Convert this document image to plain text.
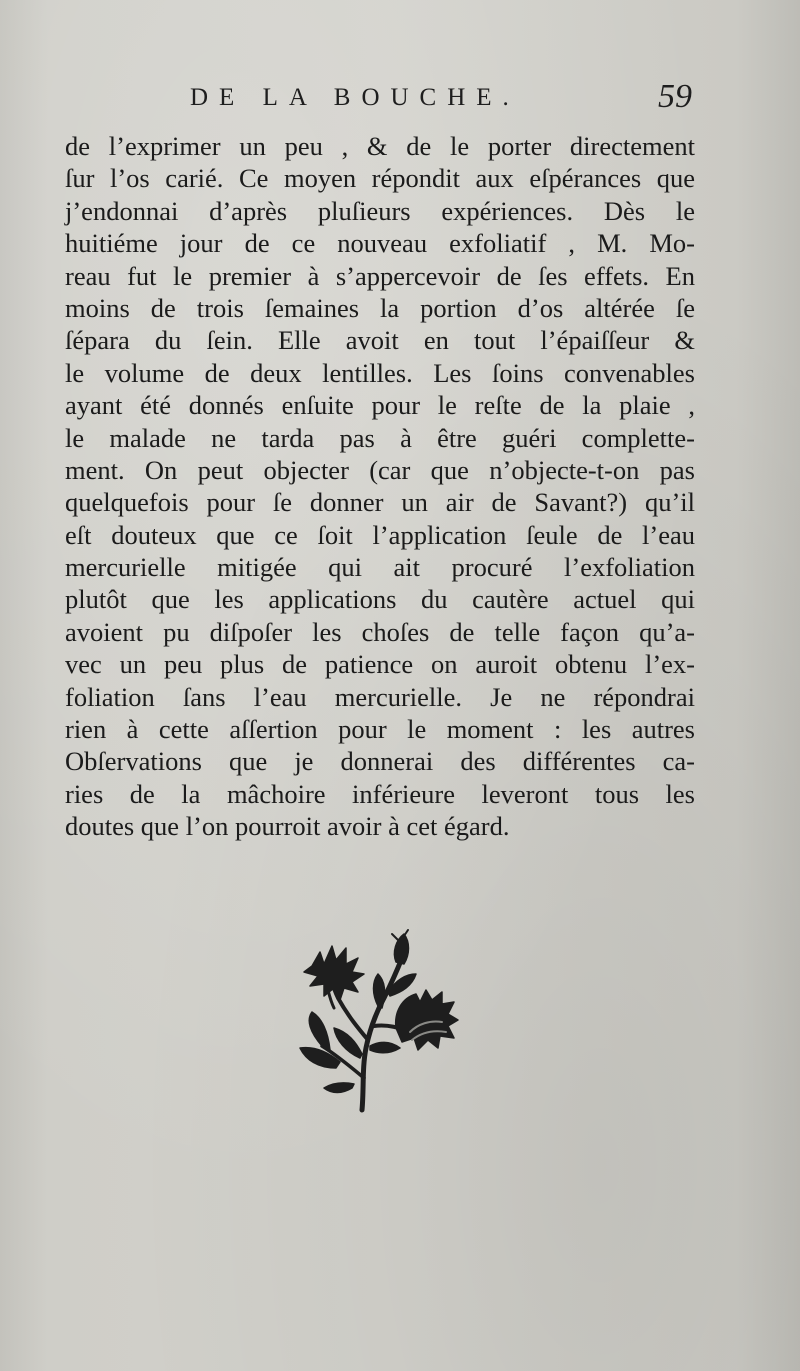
DE LA BOUCHE.	59
de l’exprimer un peu , & de le porter directement
ſur l’os carié. Ce moyen répondit aux eſpérances que
j’endonnai d’après pluſieurs expériences. Dès le
huitiéme jour de ce nouveau exfoliatif , M. Mo-
reau fut le premier à s’appercevoir de ſes effets. En
moins de trois ſemaines la portion d’os altérée ſe
ſépara du ſein. Elle avoit en tout l’épaiſſeur &
le volume de deux lentilles. Les ſoins convenables
ayant été donnés enſuite pour le reſte de la plaie ,
le malade ne tarda pas à être guéri complette-
ment. On peut objecter (car que n’objecte-t-on pas
quelquefois pour ſe donner un air de Savant?) qu’il
eſt douteux que ce ſoit l’application ſeule de l’eau
mercurielle mitigée qui ait procuré l’exfoliation
plutôt que les applications du cautère actuel qui
avoient pu diſpoſer les choſes de telle façon qu’a-
vec un peu plus de patience on auroit obtenu l’ex-
foliation ſans l’eau mercurielle. Je ne répondrai
rien à cette aſſertion pour le moment : les autres
Obſervations que je donnerai des différentes ca-
ries de la mâchoire inférieure leveront tous les
doutes que l’on pourroit avoir à cet égard.
